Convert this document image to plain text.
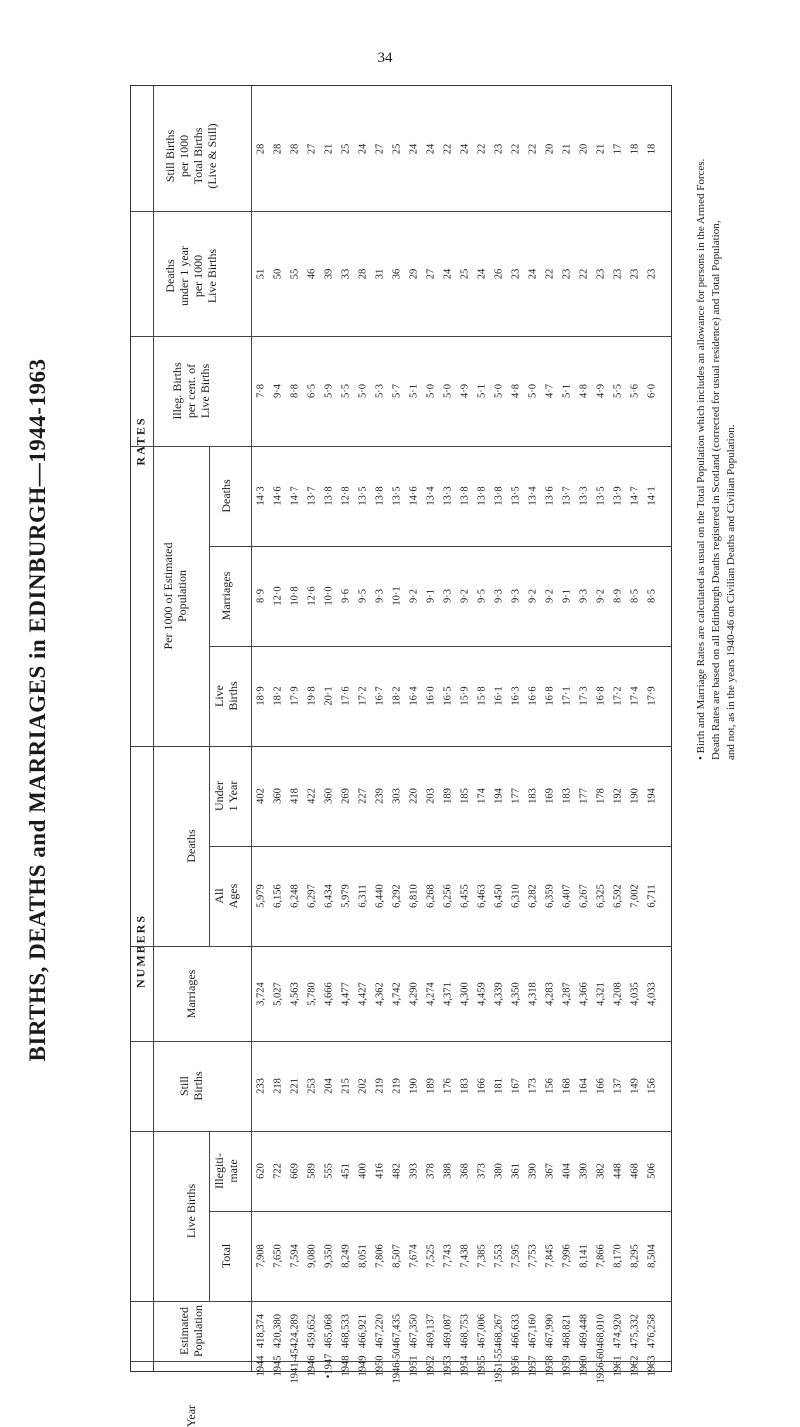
34
BIRTHS, DEATHS and MARRIAGES in EDINBURGH—1944-1963	• Birth and Marriage Rates are calculated as usual on the Total Population which includes an allowance for persons in the Armed Forces. Death Rates are based on all Edinburgh Deaths registered in Scotland (corrected for usual residence) and Total Population, and not, as in the years 1940-46 on Civilian Deaths and Civilian Population.
RATES
NUMBERS
Still Births per 1000 Total Births (Live & Still)
Deaths under 1 year per 1000 Live Births
Illeg. Births per cent. of Live Births
Per 1000 of Estimated Population
Deaths
Marriages
Live Births
Deaths
Under 1 Year
All Ages
Marriages
Still Births
Live Births
Illegiti- mate
Total
Estimated Population
Year
28
51
7·8
14·3
8·9
18·9
402
5,979
3,724
233
620
7,908
418,374
1944
28
50
9·4
14·6
12·0
18·2
360
6,156
5,027
218
722
7,650
420,380
1945
28
55
8·8
14·7
10·8
17·9
418
6,248
4,563
221
669
7,594
424,289
1941-45
27
46
6·5
13·7
12·6
19·8
422
6,297
5,780
253
589
9,080
459,652
1946
21
39
5·9
13·8
10·0
20·1
360
6,434
4,666
204
555
9,350
465,068
•1947
25
33
5·5
12·8
9·6
17·6
269
5,979
4,477
215
451
8,249
468,533
1948
24
28
5·0
13·5
9·5
17·2
227
6,311
4,427
202
400
8,051
466,921
1949
27
31
5·3
13·8
9·3
16·7
239
6,440
4,362
219
416
7,806
467,220
1950
25
36
5·7
13·5
10·1
18·2
303
6,292
4,742
219
482
8,507
467,435
1946-50
24
29
5·1
14·6
9·2
16·4
220
6,810
4,290
190
393
7,674
467,350
1951
24
27
5·0
13·4
9·1
16·0
203
6,268
4,274
189
378
7,525
469,137
1952
22
24
5·0
13·3
9·3
16·5
189
6,256
4,371
176
388
7,743
469,087
1953
24
25
4·9
13·8
9·2
15·9
185
6,455
4,300
183
368
7,438
468,753
1954
22
24
5·1
13·8
9·5
15·8
174
6,463
4,459
166
373
7,385
467,006
1955
23
26
5·0
13·8
9·3
16·1
194
6,450
4,339
181
380
7,553
468,267
1951-55
22
23
4·8
13·5
9·3
16·3
177
6,310
4,350
167
361
7,595
466,633
1956
22
24
5·0
13·4
9·2
16·6
183
6,282
4,318
173
390
7,753
467,160
1957
20
22
4·7
13·6
9·2
16·8
169
6,359
4,283
156
367
7,845
467,990
1958
21
23
5·1
13·7
9·1
17·1
183
6,407
4,287
168
404
7,996
468,821
1959
20
22
4·8
13·3
9·3
17·3
177
6,267
4,366
164
390
8,141
469,448
1960
21
23
4·9
13·5
9·2
16·8
178
6,325
4,321
166
382
7,866
468,010
1956-60
17
23
5·5
13·9
8·9
17·2
192
6,592
4,208
137
448
8,170
474,920
1961
18
23
5·6
14·7
8·5
17·4
190
7,002
4,035
149
468
8,295
475,332
1962
18
23
6·0
14·1
8·5
17·9
194
6,711
4,033
156
506
8,504
476,258
1963
